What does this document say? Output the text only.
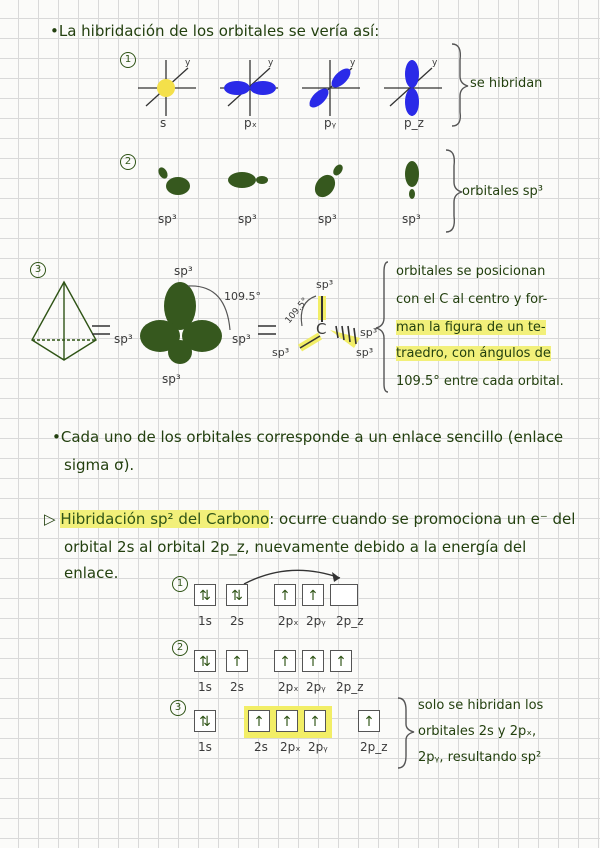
•La hibridación de los orbitales se vería así:
1	y	y	y	y
s	pₓ	pᵧ	p_z
se hibridan
2
sp³	sp³	sp³	sp³
orbitales sp³
3	sp³
sp³	sp³
sp³
109.5°
sp³
sp³
sp³
sp³
109.5°
C
orbitales se posicionan
con el C al centro y for-
man la figura de un te-
traedro, con ángulos de
109.5° entre cada orbital.
•Cada uno de los orbitales corresponde a un enlace sencillo (enlace
sigma σ).
▷ Hibridación sp² del Carbono: ocurre cuando se promociona un e⁻ del
orbital 2s al orbital 2p_z, nuevamente debido a la energía del
enlace.
1
⇅	⇅	↑	↑
1s 2s	2pₓ 2pᵧ 2p_z
2
⇅	↑	↑	↑	↑
1s 2s	2pₓ 2pᵧ 2p_z
3
⇅	↑	↑	↑	↑
1s	2s 2pₓ 2pᵧ	2p_z
solo se hibridan los
orbitales 2s y 2pₓ,
2pᵧ, resultando sp²
